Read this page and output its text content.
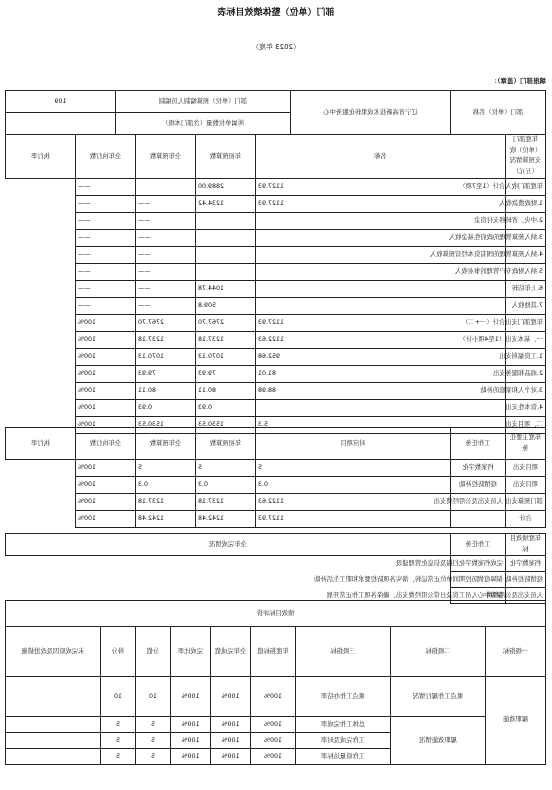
部门（单位）整体绩效目标表
（2023 年度）
填报部门（盖章）：
部门（单位）名称	辽宁省高新技术成果转化服务中心	部门（单位）预算编制人员编制	109
		所属单位数量（含部门本级）	
年度部门（单位）收支预算情况（万元）	名称	年初预算数	全年预算数	全年执行数	执行率
年度部门收入合计（1至7项）	1127.93	2889.00		——	
1.财政拨款收入	1127.93	1234.42	——	——	
2.中央、省转移支付资金			——	——	
3.纳入预算管理的政府性基金收入			——	——	
4.纳入预算管理的国有资本经营预算收入			——	——	
5.纳入财政专户管理的事业收入			——	——	
6.上年结转		1044.78	——	——	
7.其他收入		509.8	——	——	
年度部门支出合计（一+二）	1127.93	2767.70	2767.70	100%	
一、基本支出（1至4项小计）	1122.63	1237.18	1237.18	100%	
1.工资福利支出	952.68	1070.13	1070.13	100%	
2.商品和服务支出	81.01	79.93	79.93	100%	
3.对个人和家庭的补助	88.98	80.11	80.11	100%	
4.资本性支出		0.93	0.93	100%	
二、项目支出	5.3	1530.53	1530.53	100%	
年度主要任务	工作任务	对应项目	年初预算数	全年预算数	全年执行数	执行率
项目支出	档案数字化	5	5	5	100%	
项目支出	疫情防控补助	0.3	0.3	0.3	100%	
部门预算支出	人员支出及公用经费支出	1122.63	1237.18	1237.18	100%	
合计		1127.93	1242.48	1242.48	100%	
年度绩效目标	工作任务	全年完成情况
档案数字化	完成档案数字化扫描及信息化管理建设	
疫情防控补助	保障疫情防控期间单位正常运转，落实各项防控要求和职工生活补助	
人员支出及公用经费	保障中心人员工资及日常公用经费支出，确保各项工作正常开展	
绩效目标评价								
一级指标	二级指标	三级指标	年度指标值	全年完成值	完成比率	分值	得分	未完成原因及改进措施
履职效能	重点工作履行情况	重点工作办结率	100%	100%	100%	10	10	
	履职效能情况	总体工作完成率	100%	100%	100%	5	5	
		工作完成及时率	100%	100%	100%	5	5	
		工作质量达标率	100%	100%	100%	5	5	
